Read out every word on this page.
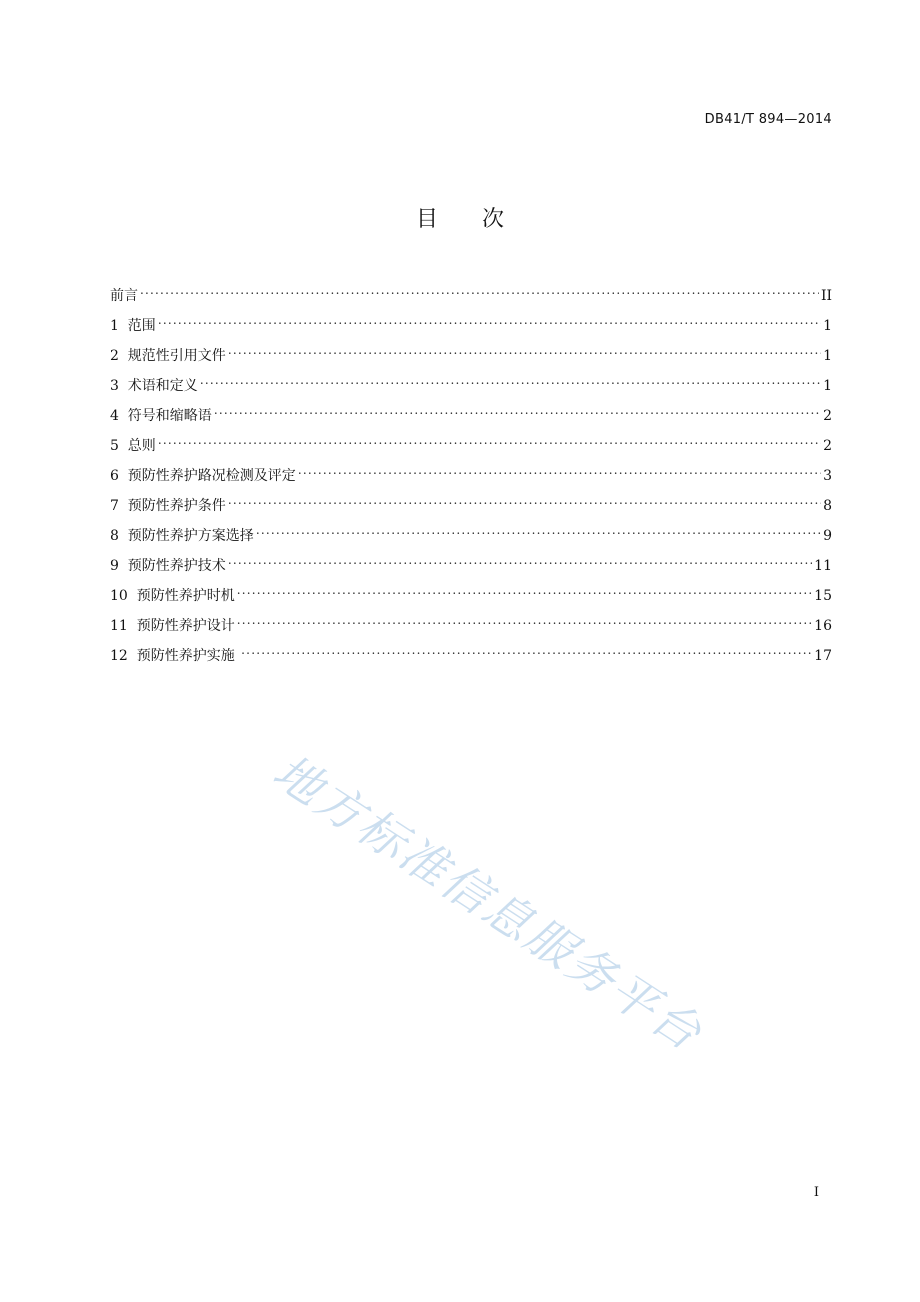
DB41/T 894—2014
目 次
前言 .....	II
1  范围 .....	1
2  规范性引用文件 .....	1
3  术语和定义 .....	1
4  符号和缩略语 .....	2
5  总则 .....	2
6  预防性养护路况检测及评定 .....	3
7  预防性养护条件 .....	8
8  预防性养护方案选择 .....	9
9  预防性养护技术 .....	11
10  预防性养护时机 .....	15
11  预防性养护设计 .....	16
12  预防性养护实施 .....	17
地方标准信息服务平台
I
